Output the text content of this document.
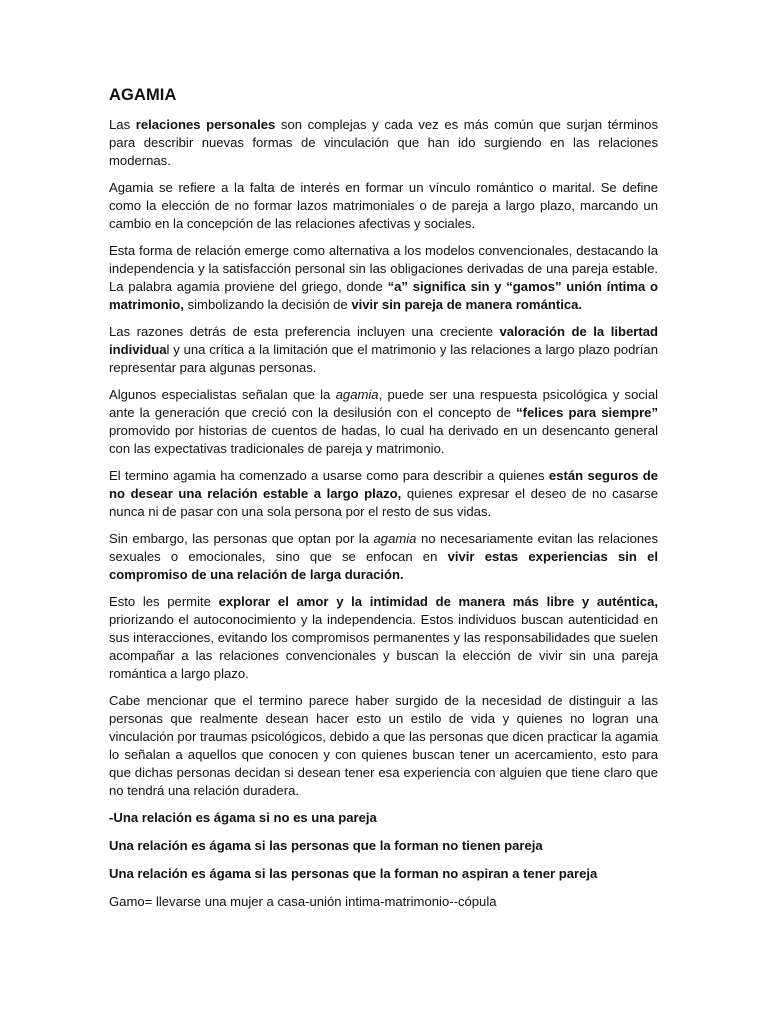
AGAMIA

Las relaciones personales son complejas y cada vez es más común que surjan términos para describir nuevas formas de vinculación que han ido surgiendo en las relaciones modernas.

Agamia se refiere a la falta de interés en formar un vínculo romántico o marital. Se define como la elección de no formar lazos matrimoniales o de pareja a largo plazo, marcando un cambio en la concepción de las relaciones afectivas y sociales.

Esta forma de relación emerge como alternativa a los modelos convencionales, destacando la independencia y la satisfacción personal sin las obligaciones derivadas de una pareja estable. La palabra agamia proviene del griego, donde “a” significa sin y “gamos” unión íntima o matrimonio, simbolizando la decisión de vivir sin pareja de manera romántica.

Las razones detrás de esta preferencia incluyen una creciente valoración de la libertad individual y una crítica a la limitación que el matrimonio y las relaciones a largo plazo podrían representar para algunas personas.

Algunos especialistas señalan que la agamia, puede ser una respuesta psicológica y social ante la generación que creció con la desilusión con el concepto de “felices para siempre” promovido por historias de cuentos de hadas, lo cual ha derivado en un desencanto general con las expectativas tradicionales de pareja y matrimonio.

El termino agamia ha comenzado a usarse como para describir a quienes están seguros de no desear una relación estable a largo plazo, quienes expresar el deseo de no casarse nunca ni de pasar con una sola persona por el resto de sus vidas.

Sin embargo, las personas que optan por la agamia no necesariamente evitan las relaciones sexuales o emocionales, sino que se enfocan en vivir estas experiencias sin el compromiso de una relación de larga duración.

Esto les permite explorar el amor y la intimidad de manera más libre y auténtica, priorizando el autoconocimiento y la independencia. Estos individuos buscan autenticidad en sus interacciones, evitando los compromisos permanentes y las responsabilidades que suelen acompañar a las relaciones convencionales y buscan la elección de vivir sin una pareja romántica a largo plazo.

Cabe mencionar que el termino parece haber surgido de la necesidad de distinguir a las personas que realmente desean hacer esto un estilo de vida y quienes no logran una vinculación por traumas psicológicos, debido a que las personas que dicen practicar la agamia lo señalan a aquellos que conocen y con quienes buscan tener un acercamiento, esto para que dichas personas decidan si desean tener esa experiencia con alguien que tiene claro que no tendrá una relación duradera.

-Una relación es ágama si no es una pareja

Una relación es ágama si las personas que la forman no tienen pareja

Una relación es ágama si las personas que la forman no aspiran a tener pareja

Gamo= llevarse una mujer a casa-unión intima-matrimonio--cópula
